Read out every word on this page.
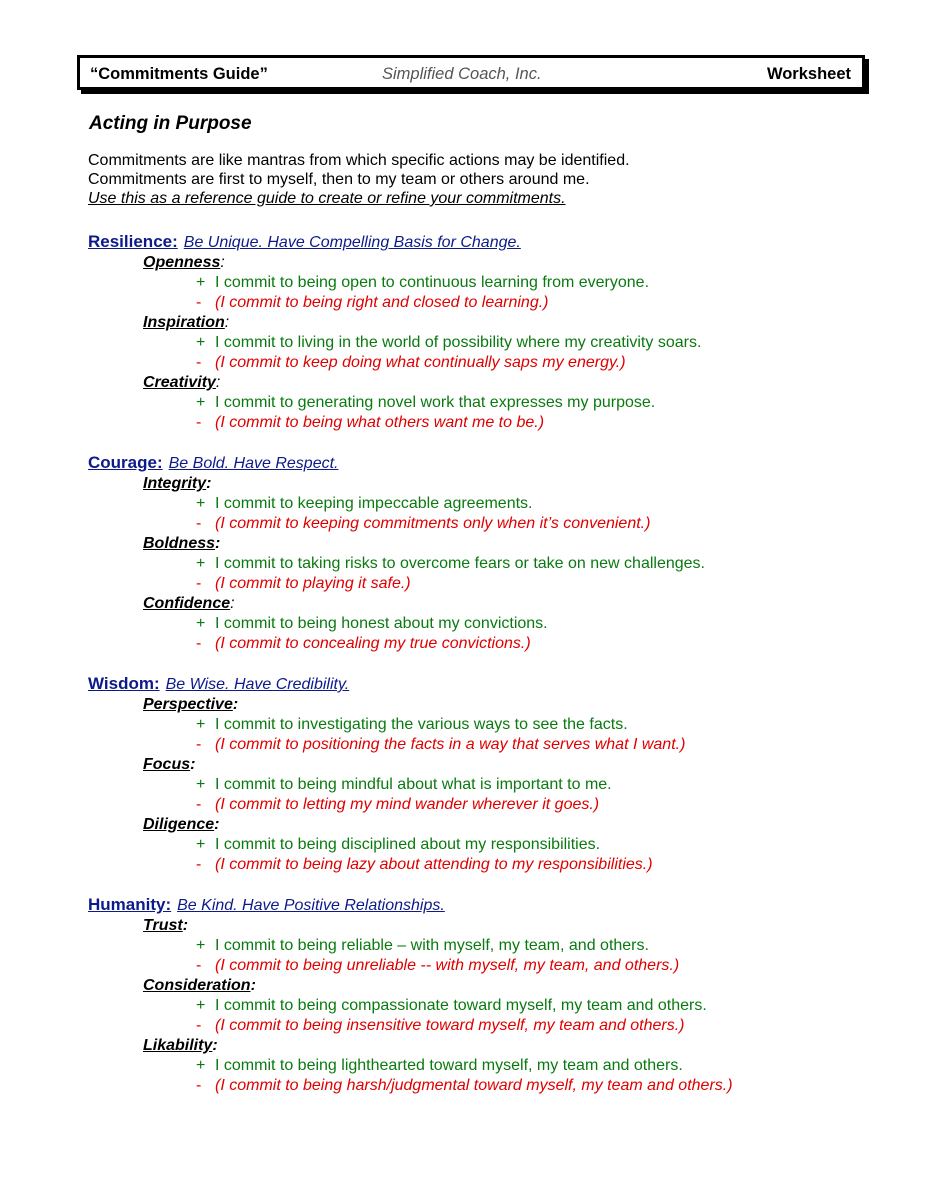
“Commitments Guide”	Simplified Coach, Inc.	Worksheet
Acting in Purpose
Commitments are like mantras from which specific actions may be identified.
Commitments are first to myself, then to my team or others around me.
Use this as a reference guide to create or refine your commitments.
Resilience: Be Unique. Have Compelling Basis for Change.
Openness:
+ I commit to being open to continuous learning from everyone.
- (I commit to being right and closed to learning.)
Inspiration:
+ I commit to living in the world of possibility where my creativity soars.
- (I commit to keep doing what continually saps my energy.)
Creativity:
+ I commit to generating novel work that expresses my purpose.
- (I commit to being what others want me to be.)
Courage: Be Bold. Have Respect.
Integrity:
+ I commit to keeping impeccable agreements.
- (I commit to keeping commitments only when it’s convenient.)
Boldness:
+ I commit to taking risks to overcome fears or take on new challenges.
- (I commit to playing it safe.)
Confidence:
+ I commit to being honest about my convictions.
- (I commit to concealing my true convictions.)
Wisdom: Be Wise. Have Credibility.
Perspective:
+ I commit to investigating the various ways to see the facts.
- (I commit to positioning the facts in a way that serves what I want.)
Focus:
+ I commit to being mindful about what is important to me.
- (I commit to letting my mind wander wherever it goes.)
Diligence:
+ I commit to being disciplined about my responsibilities.
- (I commit to being lazy about attending to my responsibilities.)
Humanity: Be Kind. Have Positive Relationships.
Trust:
+ I commit to being reliable – with myself, my team, and others.
- (I commit to being unreliable -- with myself, my team, and others.)
Consideration:
+ I commit to being compassionate toward myself, my team and others.
- (I commit to being insensitive toward myself, my team and others.)
Likability:
+ I commit to being lighthearted toward myself, my team and others.
- (I commit to being harsh/judgmental toward myself, my team and others.)
